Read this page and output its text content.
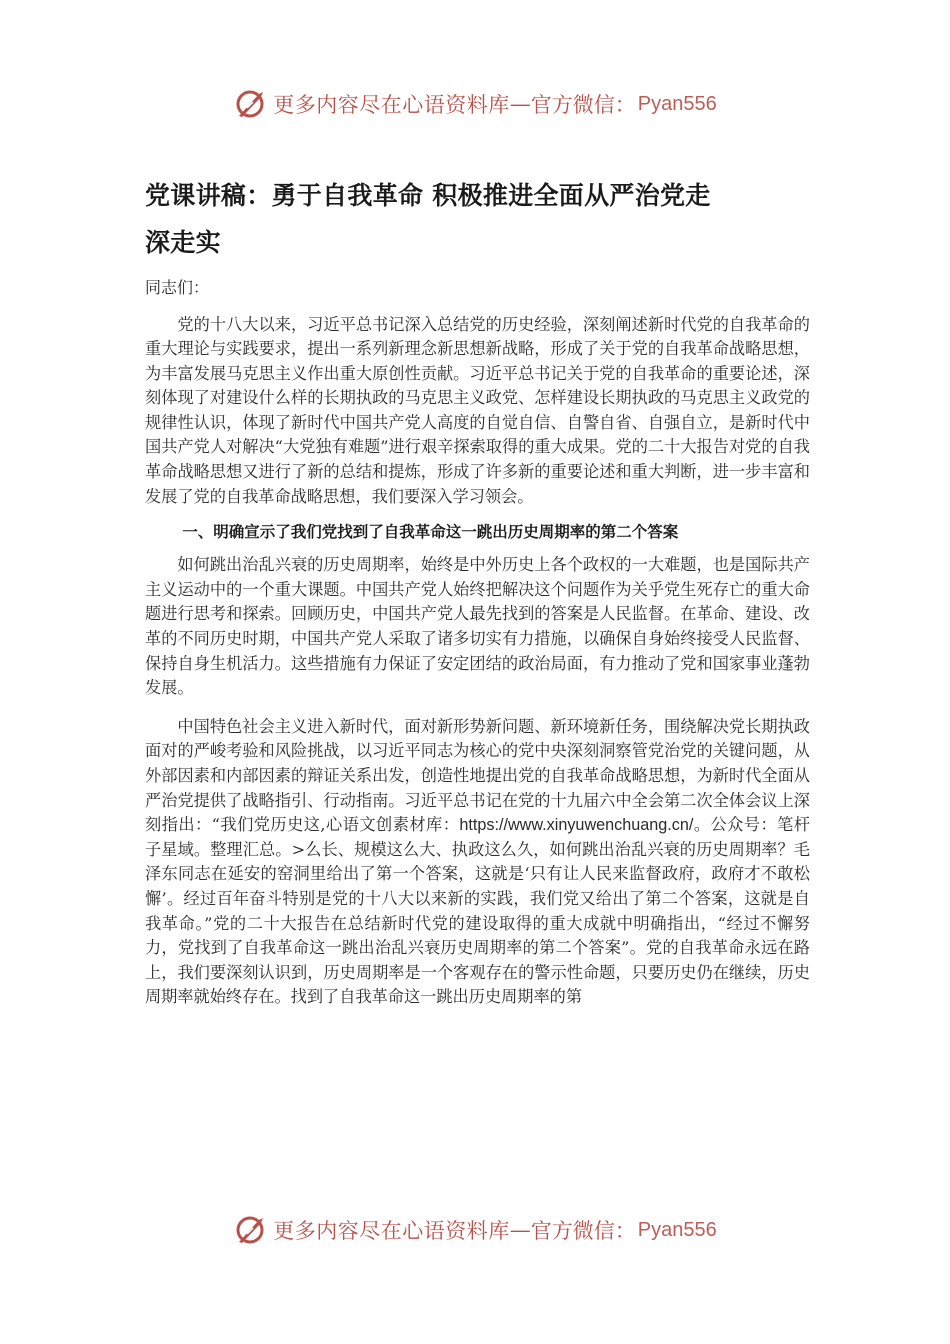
更多内容尽在心语资料库 — 官方微信： Pyan556
党课讲稿：勇于自我革命 积极推进全面从严治党走
深走实
同志们：

党的十八大以来，习近平总书记深入总结党的历史经验，深刻阐述新时代党的自我革命的重大理论与实践要求，提出一系列新理念新思想新战略，形成了关于党的自我革命战略思想，为丰富发展马克思主义作出重大原创性贡献。习近平总书记关于党的自我革命的重要论述，深刻体现了对建设什么样的长期执政的马克思主义政党、怎样建设长期执政的马克思主义政党的规律性认识，体现了新时代中国共产党人高度的自觉自信、自警自省、自强自立，是新时代中国共产党人对解决“大党独有难题”进行艰辛探索取得的重大成果。党的二十大报告对党的自我革命战略思想又进行了新的总结和提炼，形成了许多新的重要论述和重大判断，进一步丰富和发展了党的自我革命战略思想，我们要深入学习领会。

一、明确宣示了我们党找到了自我革命这一跳出历史周期率的第二个答案

如何跳出治乱兴衰的历史周期率，始终是中外历史上各个政权的一大难题，也是国际共产主义运动中的一个重大课题。中国共产党人始终把解决这个问题作为关乎党生死存亡的重大命题进行思考和探索。回顾历史，中国共产党人最先找到的答案是人民监督。在革命、建设、改革的不同历史时期，中国共产党人采取了诸多切实有力措施，以确保自身始终接受人民监督、保持自身生机活力。这些措施有力保证了安定团结的政治局面，有力推动了党和国家事业蓬勃发展。

中国特色社会主义进入新时代，面对新形势新问题、新环境新任务，围绕解决党长期执政面对的严峻考验和风险挑战，以习近平同志为核心的党中央深刻洞察管党治党的关键问题，从外部因素和内部因素的辩证关系出发，创造性地提出党的自我革命战略思想，为新时代全面从严治党提供了战略指引、行动指南。习近平总书记在党的十九届六中全会第二次全体会议上深刻指出：“我们党历史这,心语文创素材库：https://www.xinyuwenchuang.cn/。公众号：笔杆子星域。整理汇总。>么长、规模这么大、执政这么久，如何跳出治乱兴衰的历史周期率？毛泽东同志在延安的窑洞里给出了第一个答案，这就是‘只有让人民来监督政府，政府才不敢松懈’。经过百年奋斗特别是党的十八大以来新的实践，我们党又给出了第二个答案，这就是自我革命。”党的二十大报告在总结新时代党的建设取得的重大成就中明确指出，“经过不懈努力，党找到了自我革命这一跳出治乱兴衰历史周期率的第二个答案”。党的自我革命永远在路上，我们要深刻认识到，历史周期率是一个客观存在的警示性命题，只要历史仍在继续，历史周期率就始终存在。找到了自我革命这一跳出历史周期率的第

更多内容尽在心语资料库 — 官方微信： Pyan556
